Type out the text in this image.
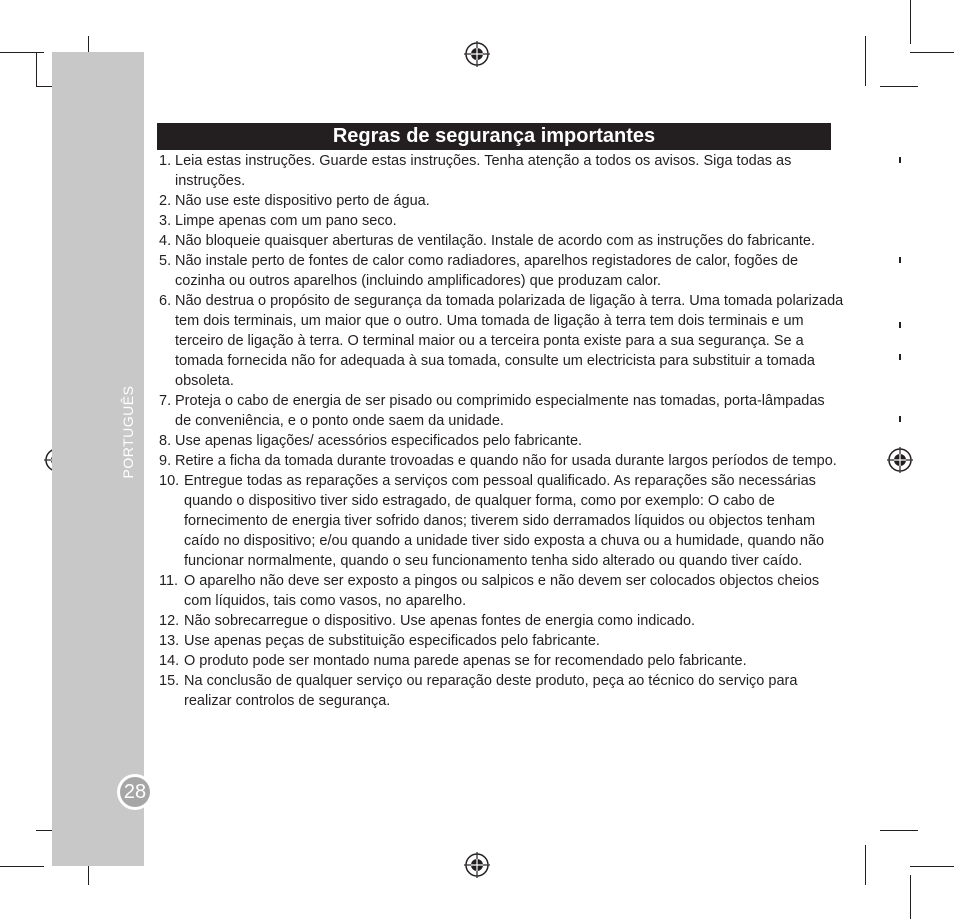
PORTUGUÊS
28
Regras de segurança importantes
1. Leia estas instruções. Guarde estas instruções. Tenha atenção a todos os avisos. Siga todas as instruções.
2. Não use este dispositivo perto de água.
3. Limpe apenas com um pano seco.
4. Não bloqueie quaisquer aberturas de ventilação. Instale de acordo com as instruções do fabricante.
5. Não instale perto de fontes de calor como radiadores, aparelhos registadores de calor, fogões de cozinha ou outros aparelhos (incluindo amplificadores) que produzam calor.
6. Não destrua o propósito de segurança da tomada polarizada de ligação à terra. Uma tomada polarizada tem dois terminais, um maior que o outro. Uma tomada de ligação à terra tem dois terminais e um terceiro de ligação à terra. O terminal maior ou a terceira ponta existe para a sua segurança. Se a tomada fornecida não for adequada à sua tomada, consulte um electricista para substituir a tomada obsoleta.
7. Proteja o cabo de energia de ser pisado ou comprimido especialmente nas tomadas, porta-lâmpadas de conveniência, e o ponto onde saem da unidade.
8. Use apenas ligações/ acessórios especificados pelo fabricante.
9. Retire a ficha da tomada durante trovoadas e quando não for usada durante largos períodos de tempo.
10. Entregue todas as reparações a serviços com pessoal qualificado. As reparações são necessárias quando o dispositivo tiver sido estragado, de qualquer forma, como por exemplo: O cabo de fornecimento de energia tiver sofrido danos; tiverem sido derramados líquidos ou objectos tenham caído no dispositivo; e/ou quando a unidade tiver sido exposta a chuva ou a humidade, quando não funcionar normalmente, quando o seu funcionamento tenha sido alterado ou quando tiver caído.
11. O aparelho não deve ser exposto a pingos ou salpicos e não devem ser colocados objectos cheios com líquidos, tais como vasos, no aparelho.
12. Não sobrecarregue o dispositivo. Use apenas fontes de energia como indicado.
13. Use apenas peças de substituição especificados pelo fabricante.
14. O produto pode ser montado numa parede apenas se for recomendado pelo fabricante.
15. Na conclusão de qualquer serviço ou reparação deste produto, peça ao técnico do serviço para realizar controlos de segurança.
